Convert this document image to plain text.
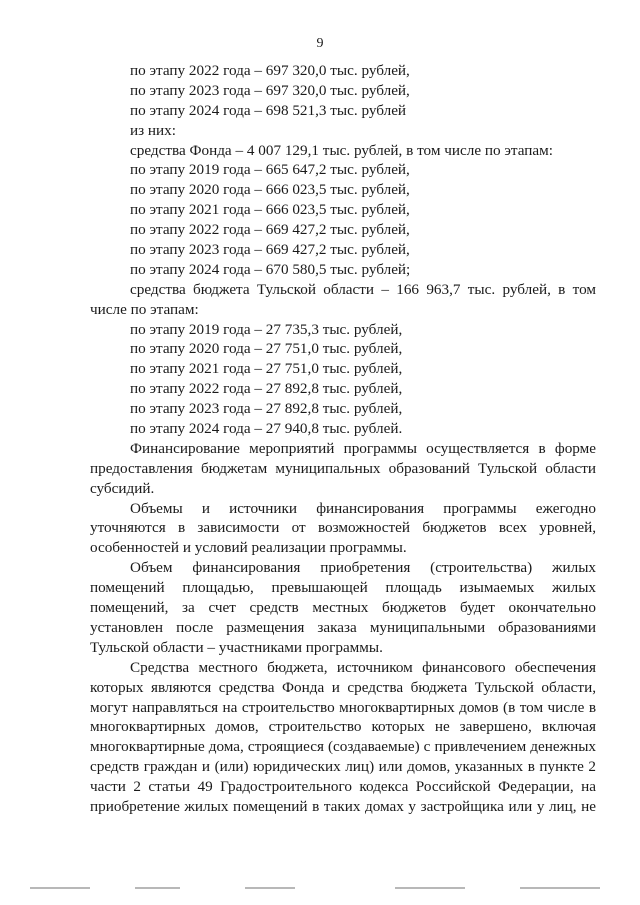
9
по этапу 2022 года – 697 320,0 тыс. рублей,
по этапу 2023 года – 697 320,0 тыс. рублей,
по этапу 2024 года – 698 521,3 тыс. рублей
из них:
средства Фонда – 4 007 129,1 тыс. рублей, в том числе по этапам:
по этапу 2019 года – 665 647,2 тыс. рублей,
по этапу 2020 года – 666 023,5 тыс. рублей,
по этапу 2021 года – 666 023,5 тыс. рублей,
по этапу 2022 года – 669 427,2 тыс. рублей,
по этапу 2023 года – 669 427,2 тыс. рублей,
по этапу 2024 года – 670 580,5 тыс. рублей;
средства бюджета Тульской области – 166 963,7 тыс. рублей, в том
числе по этапам:
по этапу 2019 года – 27 735,3 тыс. рублей,
по этапу 2020 года – 27 751,0 тыс. рублей,
по этапу 2021 года – 27 751,0 тыс. рублей,
по этапу 2022 года – 27 892,8 тыс. рублей,
по этапу 2023 года – 27 892,8 тыс. рублей,
по этапу 2024 года – 27 940,8 тыс. рублей.
Финансирование мероприятий программы осуществляется в форме
предоставления бюджетам муниципальных образований Тульской области
субсидий.
Объемы и источники финансирования программы ежегодно
уточняются в зависимости от возможностей бюджетов всех уровней,
особенностей и условий реализации программы.
Объем финансирования приобретения (строительства) жилых
помещений площадью, превышающей площадь изымаемых жилых
помещений, за счет средств местных бюджетов будет окончательно
установлен после размещения заказа муниципальными образованиями
Тульской области – участниками программы.
Средства местного бюджета, источником финансового обеспечения
которых являются средства Фонда и средства бюджета Тульской области,
могут направляться на строительство многоквартирных домов (в том числе в
многоквартирных домов, строительство которых не завершено, включая
многоквартирные дома, строящиеся (создаваемые) с привлечением денежных
средств граждан и (или) юридических лиц) или домов, указанных в пункте 2
части 2 статьи 49 Градостроительного кодекса Российской Федерации, на
приобретение жилых помещений в таких домах у застройщика или у лиц, не
